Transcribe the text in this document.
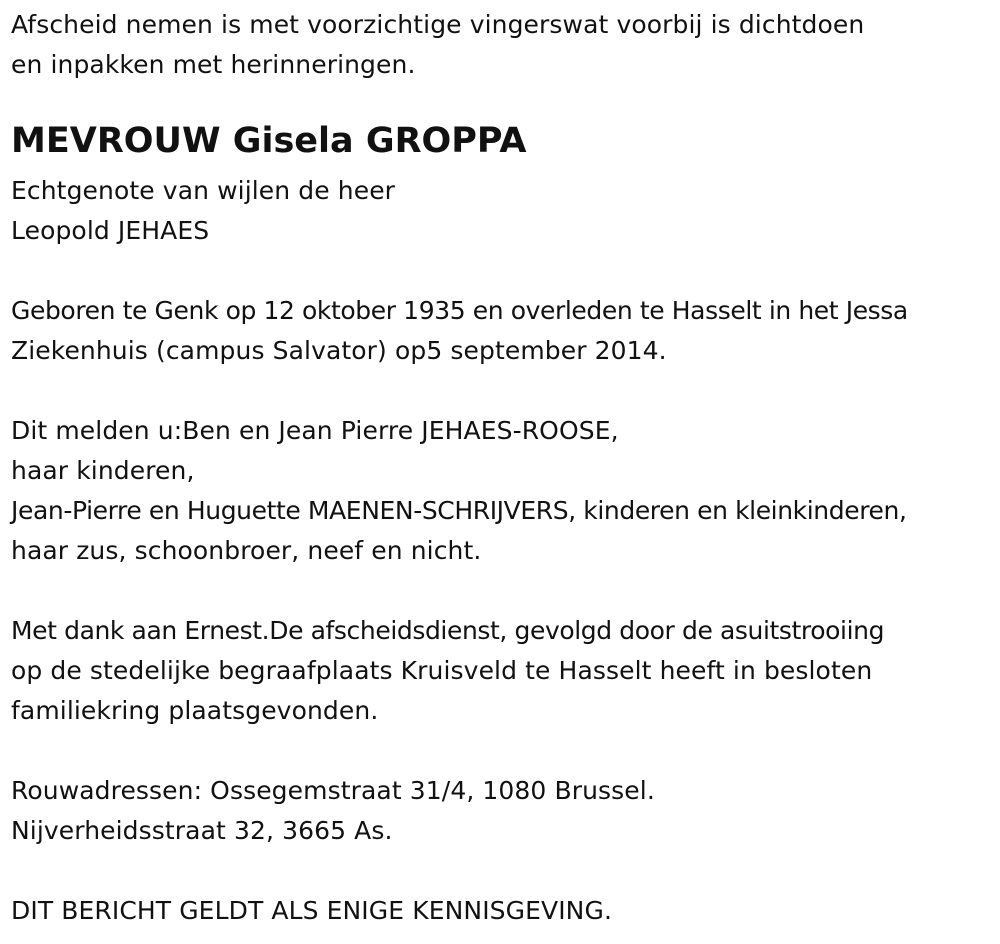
Afscheid nemen is met voorzichtige vingerswat voorbij is dichtdoen
en inpakken met herinneringen.
MEVROUW Gisela GROPPA
Echtgenote van wijlen de heer
Leopold JEHAES
Geboren te Genk op 12 oktober 1935 en overleden te Hasselt in het Jessa
Ziekenhuis (campus Salvator) op5 september 2014.
Dit melden u:Ben en Jean Pierre JEHAES-ROOSE,
haar kinderen,
Jean-Pierre en Huguette MAENEN-SCHRIJVERS, kinderen en kleinkinderen,
haar zus, schoonbroer, neef en nicht.
Met dank aan Ernest.De afscheidsdienst, gevolgd door de asuitstrooiing
op de stedelijke begraafplaats Kruisveld te Hasselt heeft in besloten
familiekring plaatsgevonden.
Rouwadressen: Ossegemstraat 31/4, 1080 Brussel.
Nijverheidsstraat 32, 3665 As.
DIT BERICHT GELDT ALS ENIGE KENNISGEVING.
